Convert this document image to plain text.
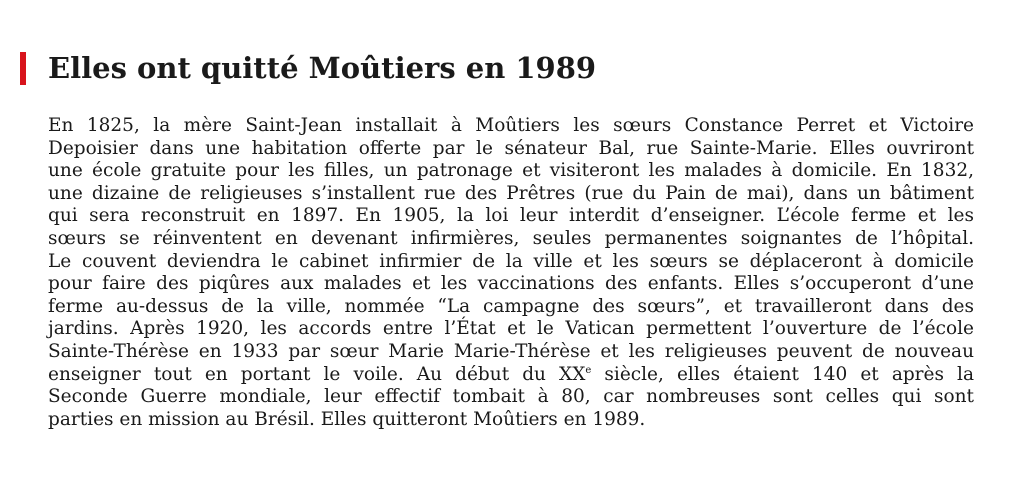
Elles ont quitté Moûtiers en 1989
En 1825, la mère Saint-Jean installait à Moûtiers les sœurs Constance Perret et Victoire
Depoisier dans une habitation offerte par le sénateur Bal, rue Sainte-Marie. Elles ouvriront
une école gratuite pour les filles, un patronage et visiteront les malades à domicile. En 1832,
une dizaine de religieuses s’installent rue des Prêtres (rue du Pain de mai), dans un bâtiment
qui sera reconstruit en 1897. En 1905, la loi leur interdit d’enseigner. L’école ferme et les
sœurs se réinventent en devenant infirmières, seules permanentes soignantes de l’hôpital.
Le couvent deviendra le cabinet infirmier de la ville et les sœurs se déplaceront à domicile
pour faire des piqûres aux malades et les vaccinations des enfants. Elles s’occuperont d’une
ferme au-dessus de la ville, nommée “La campagne des sœurs”, et travailleront dans des
jardins. Après 1920, les accords entre l’État et le Vatican permettent l’ouverture de l’école
Sainte-Thérèse en 1933 par sœur Marie Marie-Thérèse et les religieuses peuvent de nouveau
enseigner tout en portant le voile. Au début du XXe siècle, elles étaient 140 et après la
Seconde Guerre mondiale, leur effectif tombait à 80, car nombreuses sont celles qui sont
parties en mission au Brésil. Elles quitteront Moûtiers en 1989.
